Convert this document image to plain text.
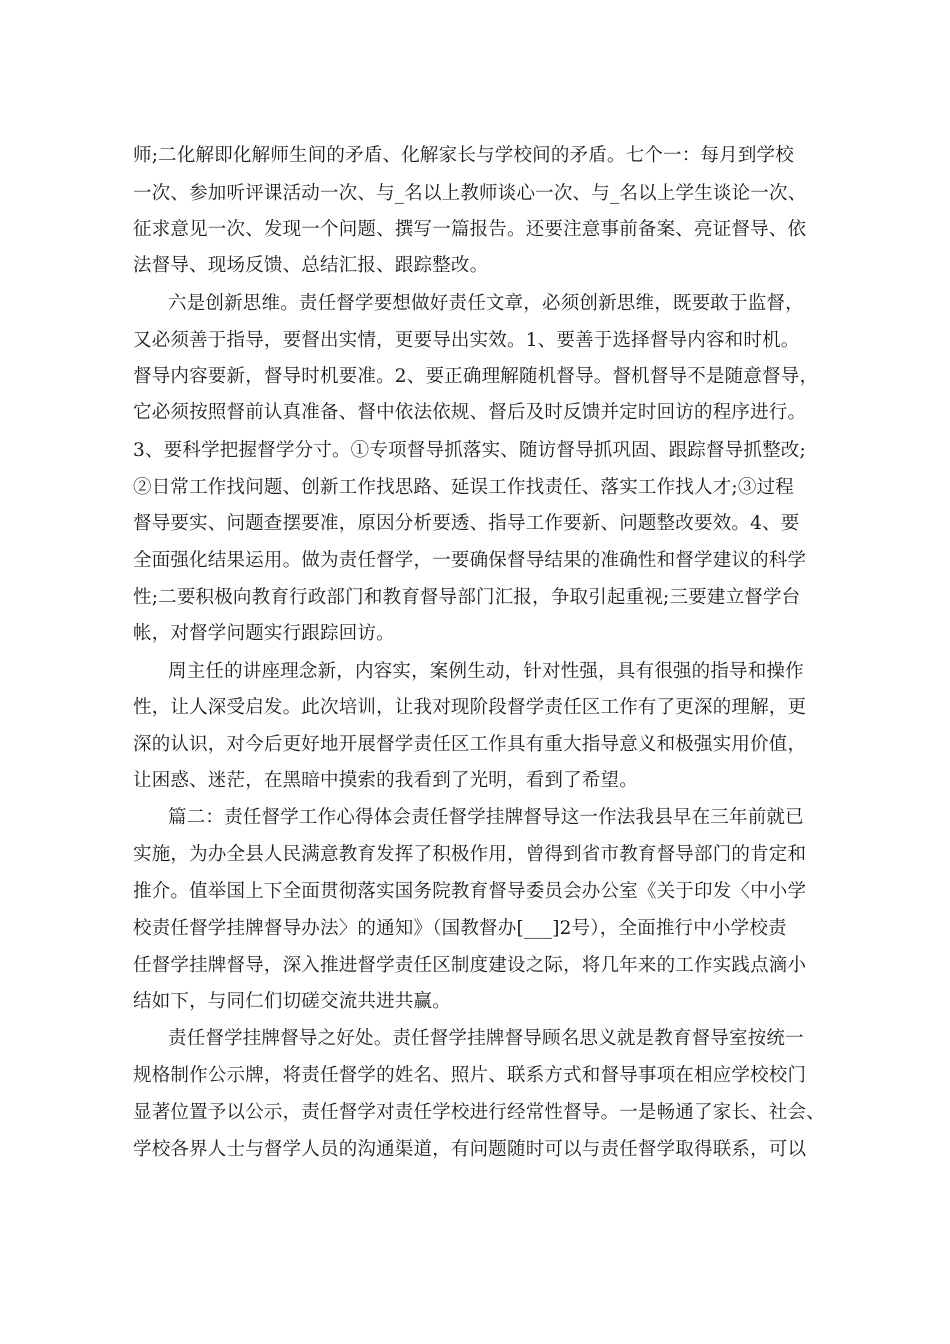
师;二化解即化解师生间的矛盾、化解家长与学校间的矛盾。七个一：每月到学校
一次、参加听评课活动一次、与_名以上教师谈心一次、与_名以上学生谈论一次、
征求意见一次、发现一个问题、撰写一篇报告。还要注意事前备案、亮证督导、依
法督导、现场反馈、总结汇报、跟踪整改。
六是创新思维。责任督学要想做好责任文章，必须创新思维，既要敢于监督，
又必须善于指导，要督出实情，更要导出实效。1、要善于选择督导内容和时机。
督导内容要新，督导时机要准。2、要正确理解随机督导。督机督导不是随意督导，
它必须按照督前认真准备、督中依法依规、督后及时反馈并定时回访的程序进行。
3、要科学把握督学分寸。①专项督导抓落实、随访督导抓巩固、跟踪督导抓整改;
②日常工作找问题、创新工作找思路、延误工作找责任、落实工作找人才;③过程
督导要实、问题查摆要准，原因分析要透、指导工作要新、问题整改要效。4、要
全面强化结果运用。做为责任督学，一要确保督导结果的准确性和督学建议的科学
性;二要积极向教育行政部门和教育督导部门汇报，争取引起重视;三要建立督学台
帐，对督学问题实行跟踪回访。
周主任的讲座理念新，内容实，案例生动，针对性强，具有很强的指导和操作
性，让人深受启发。此次培训，让我对现阶段督学责任区工作有了更深的理解，更
深的认识，对今后更好地开展督学责任区工作具有重大指导意义和极强实用价值，
让困惑、迷茫，在黑暗中摸索的我看到了光明，看到了希望。
篇二：责任督学工作心得体会责任督学挂牌督导这一作法我县早在三年前就已
实施，为办全县人民满意教育发挥了积极作用，曾得到省市教育督导部门的肯定和
推介。值举国上下全面贯彻落实国务院教育督导委员会办公室《关于印发〈中小学
校责任督学挂牌督导办法〉的通知》（国教督办[___]2号），全面推行中小学校责
任督学挂牌督导，深入推进督学责任区制度建设之际，将几年来的工作实践点滴小
结如下，与同仁们切磋交流共进共赢。
责任督学挂牌督导之好处。责任督学挂牌督导顾名思义就是教育督导室按统一
规格制作公示牌，将责任督学的姓名、照片、联系方式和督导事项在相应学校校门
显著位置予以公示，责任督学对责任学校进行经常性督导。一是畅通了家长、社会、
学校各界人士与督学人员的沟通渠道，有问题随时可以与责任督学取得联系，可以
